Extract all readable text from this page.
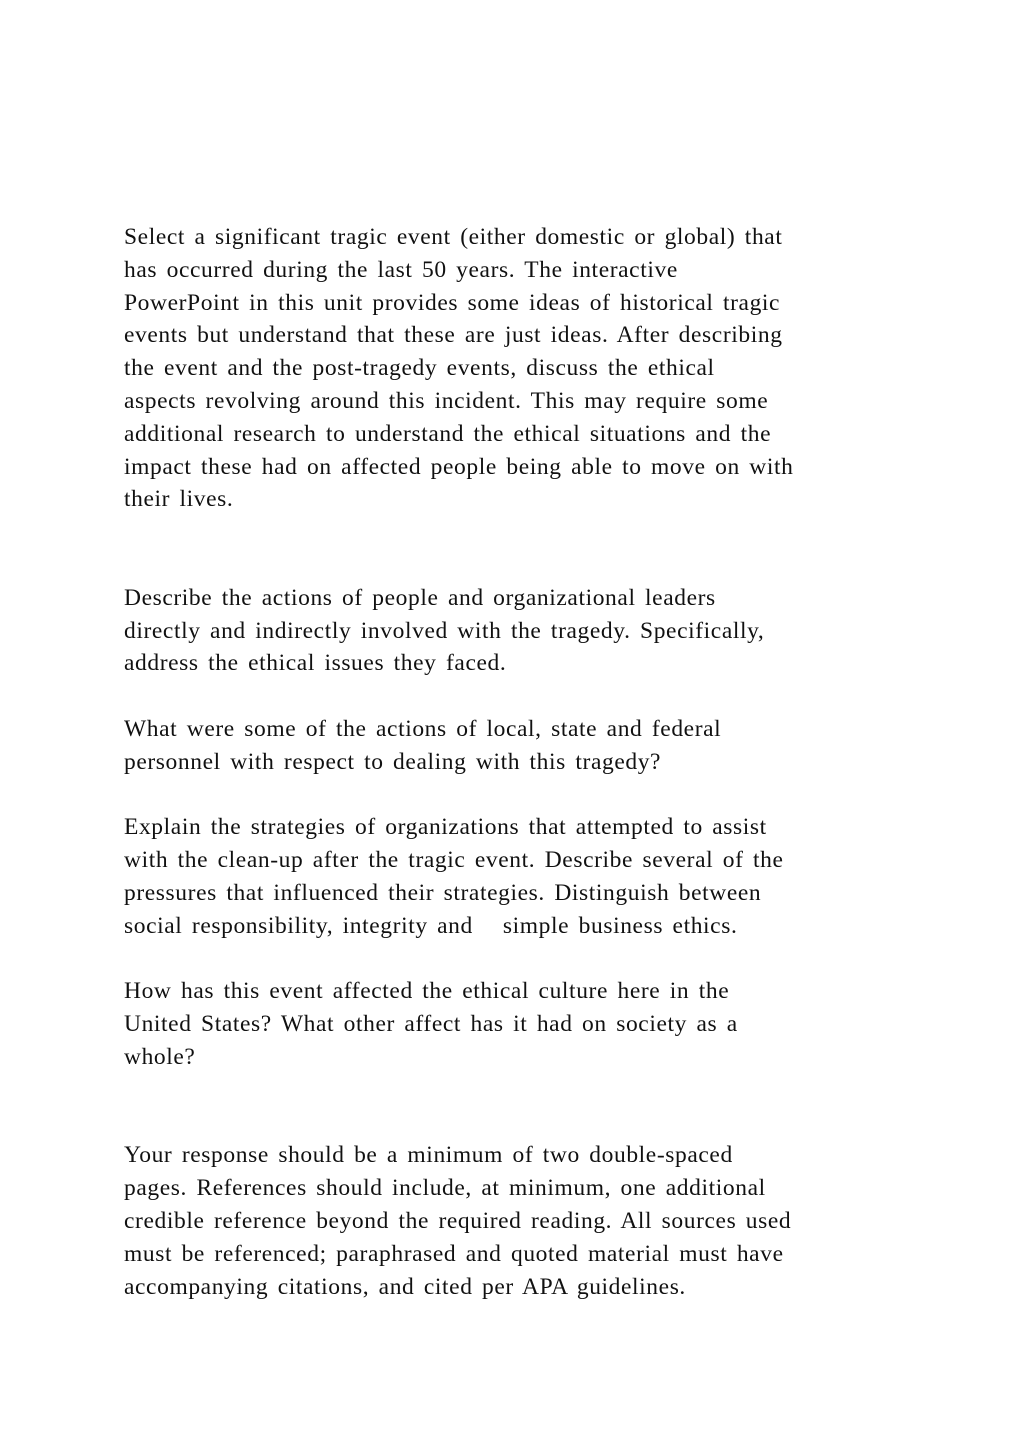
Select a significant tragic event (either domestic or global) that
has occurred during the last 50 years. The interactive
PowerPoint in this unit provides some ideas of historical tragic
events but understand that these are just ideas. After describing
the event and the post-tragedy events, discuss the ethical
aspects revolving around this incident. This may require some
additional research to understand the ethical situations and the
impact these had on affected people being able to move on with
their lives.

Describe the actions of people and organizational leaders
directly and indirectly involved with the tragedy. Specifically,
address the ethical issues they faced.

What were some of the actions of local, state and federal
personnel with respect to dealing with this tragedy?

Explain the strategies of organizations that attempted to assist
with the clean-up after the tragic event. Describe several of the
pressures that influenced their strategies. Distinguish between
social responsibility, integrity and simple business ethics.

How has this event affected the ethical culture here in the
United States? What other affect has it had on society as a
whole?

Your response should be a minimum of two double-spaced
pages. References should include, at minimum, one additional
credible reference beyond the required reading. All sources used
must be referenced; paraphrased and quoted material must have
accompanying citations, and cited per APA guidelines.
